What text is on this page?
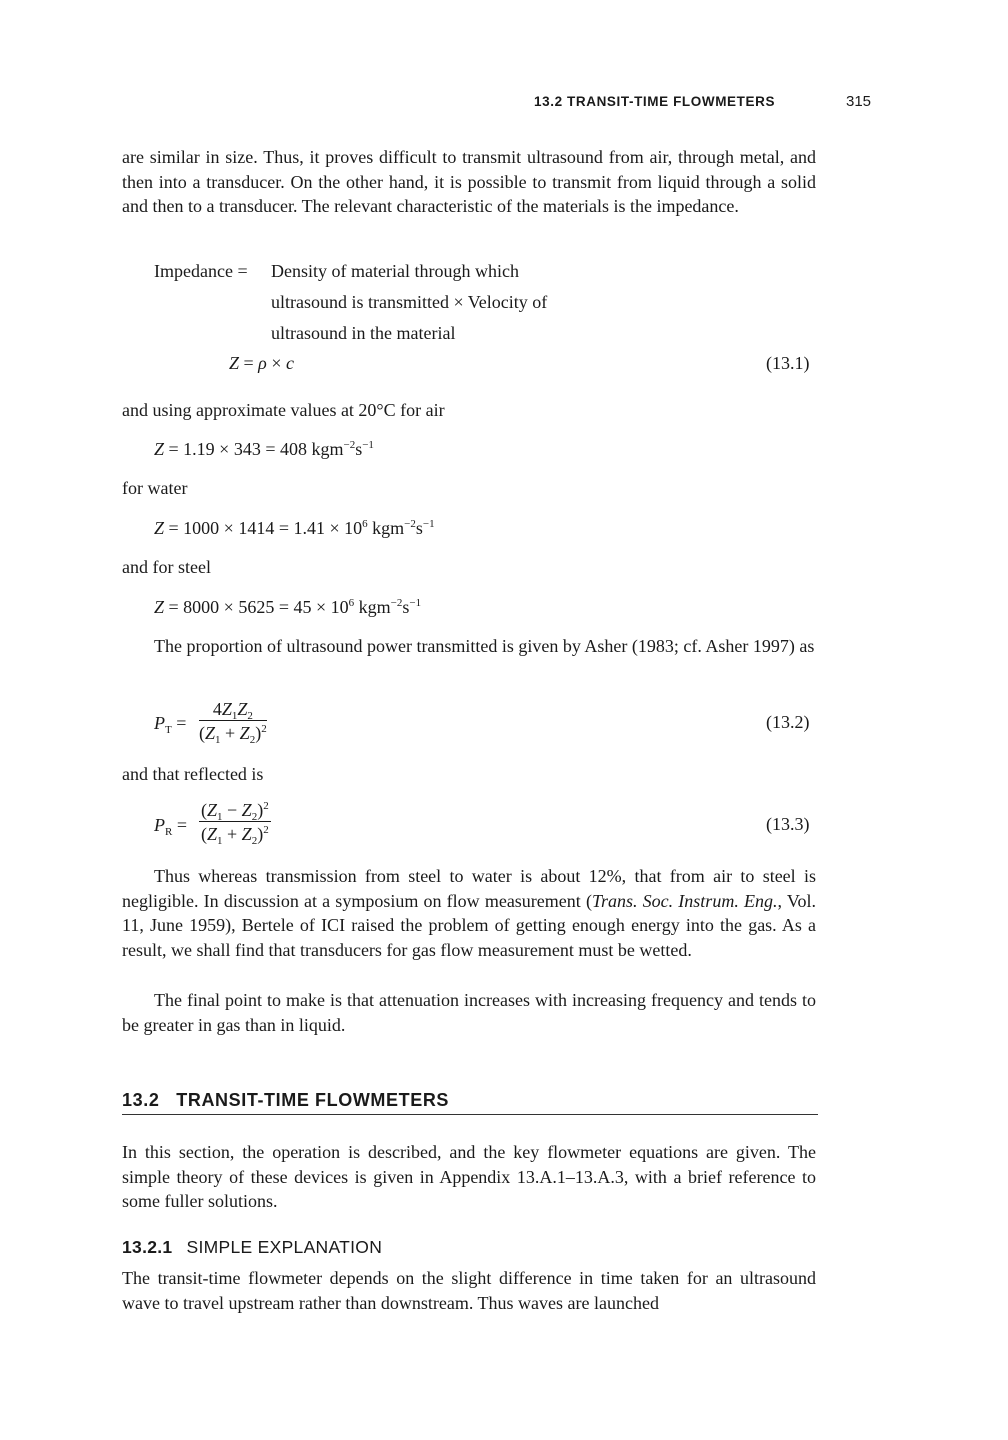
13.2 TRANSIT-TIME FLOWMETERS	315
are similar in size. Thus, it proves difficult to transmit ultrasound from air, through metal, and then into a transducer. On the other hand, it is possible to transmit from liquid through a solid and then to a transducer. The relevant characteristic of the materials is the impedance.
Impedance = Density of material through which
ultrasound is transmitted × Velocity of
ultrasound in the material
Z = ρ × c	(13.1)
and using approximate values at 20°C for air
Z = 1.19 × 343 = 408 $kgm^{-2}s^{-1}$
for water
$Z = 1000 \times 1414 = 1.41 \times 10^6$ $kgm^{-2}s^{-1}$
and for steel
$Z = 8000 \times 5625 = 45 \times 10^6$ $kgm^{-2}s^{-1}$
The proportion of ultrasound power transmitted is given by Asher (1983; cf. Asher 1997) as
$P_T = \frac{4Z_1Z_2}{(Z_1 + Z_2)^2}$	(13.2)
and that reflected is
$P_R = \frac{(Z_1 - Z_2)^2}{(Z_1 + Z_2)^2}$	(13.3)
Thus whereas transmission from steel to water is about 12%, that from air to steel is negligible. In discussion at a symposium on flow measurement (Trans. Soc. Instrum. Eng., Vol. 11, June 1959), Bertele of ICI raised the problem of getting enough energy into the gas. As a result, we shall find that transducers for gas flow measurement must be wetted.
The final point to make is that attenuation increases with increasing frequency and tends to be greater in gas than in liquid.
13.2 TRANSIT-TIME FLOWMETERS
In this section, the operation is described, and the key flowmeter equations are given. The simple theory of these devices is given in Appendix 13.A.1–13.A.3, with a brief reference to some fuller solutions.
13.2.1 SIMPLE EXPLANATION
The transit-time flowmeter depends on the slight difference in time taken for an ultrasound wave to travel upstream rather than downstream. Thus waves are launched
